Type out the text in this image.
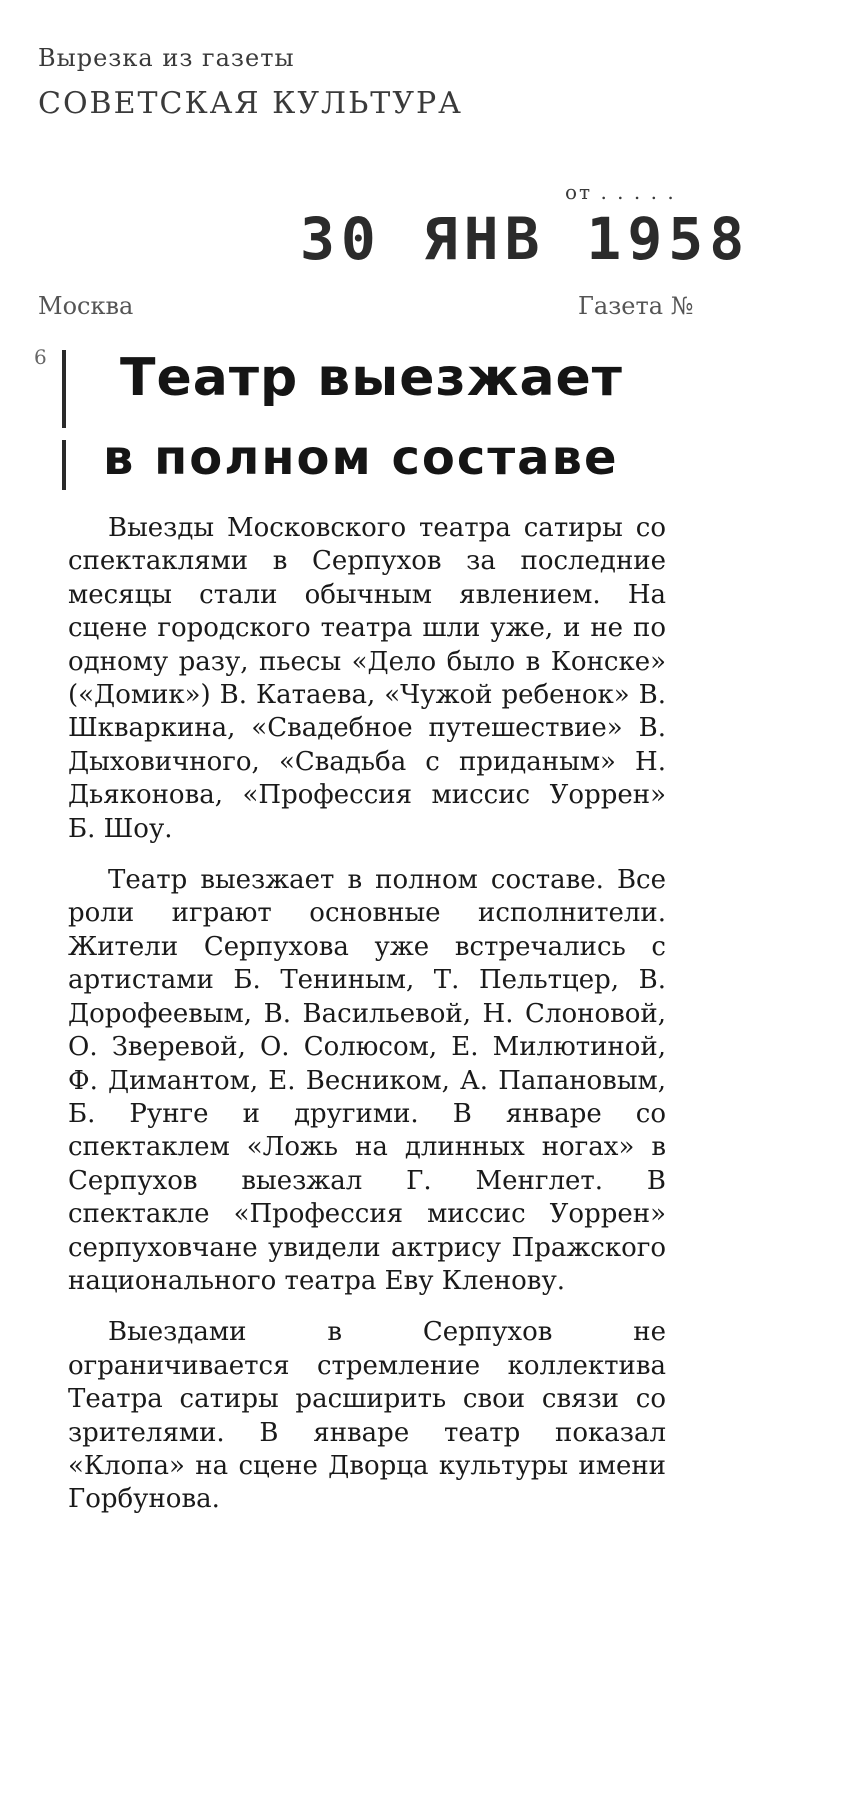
Вырезка из газеты
СОВЕТСКАЯ КУЛЬТУРА
от . . . . .
30 ЯНВ 1958
Москва	Газета №
6 Театр выезжает
в полном составе

Выезды Московского театра сатиры со спектаклями в Серпухов за последние месяцы стали обычным явлением. На сцене городского театра шли уже, и не по одному разу, пьесы «Дело было в Конске» («Домик») В. Катаева, «Чужой ребенок» В. Шкваркина, «Свадебное путешествие» В. Дыховичного, «Свадьба с приданым» Н. Дьяконова, «Профессия миссис Уоррен» Б. Шоу.

Театр выезжает в полном составе. Все роли играют основные исполнители. Жители Серпухова уже встречались с артистами Б. Тениным, Т. Пельтцер, В. Дорофеевым, В. Васильевой, Н. Слоновой, О. Зверевой, О. Солюсом, Е. Милютиной, Ф. Димантом, Е. Весником, А. Папановым, Б. Рунге и другими. В январе со спектаклем «Ложь на длинных ногах» в Серпухов выезжал Г. Менглет. В спектакле «Профессия миссис Уоррен» серпуховчане увидели актрису Пражского национального театра Еву Кленову.

Выездами в Серпухов не ограничивается стремление коллектива Театра сатиры расширить свои связи со зрителями. В январе театр показал «Клопа» на сцене Дворца культуры имени Горбунова.
